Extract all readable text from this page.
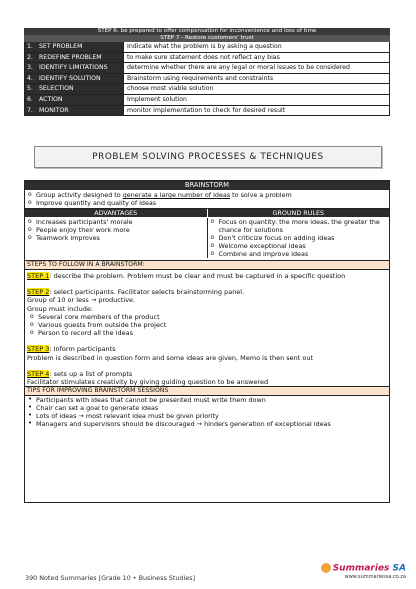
STEP 6: be prepared to offer compensation for inconvenience and loss of time
STEP 7 - Restore customers' trust
1. SET PROBLEM	Indicate what the problem is by asking a question
2. REDEFINE PROBLEM	to make sure statement does not reflect any bias
3. IDENTIFY LIMITATIONS	determine whether there are any legal or moral issues to be considered
4. IDENTIFY SOLUTION	Brainstorm using requirements and constraints
5. SELECTION	choose most viable solution
6. ACTION	Implement solution
7. MONITOR	monitor implementation to check for desired result
PROBLEM SOLVING PROCESSES & TECHNIQUES
BRAINSTORM
o Group activity designed to generate a large number of ideas to solve a problem
o Improve quantity and quality of ideas
ADVANTAGES	GROUND RULES
o Increases participants' morale
o People enjoy their work more
o Teamwork improves
o Focus on quantity: the more ideas, the greater the chance for solutions
o Don't criticize focus on adding ideas
o Welcome exceptional ideas
o Combine and improve ideas
STEPS TO FOLLOW IN A BRAINSTORM:
STEP 1: describe the problem. Problem must be clear and must be captured in a specific question
STEP 2: select participants. Facilitator selects brainstorming panel.
Group of 10 or less → productive.
Group must include:
o Several core members of the product
o Various guests from outside the project
o Person to record all the ideas
STEP 3: Inform participants
Problem is described in question form and some ideas are given, Memo is then sent out
STEP 4: sets up a list of prompts
Facilitator stimulates creativity by giving guiding question to be answered
TIPS FOR IMPROVING BRAINSTORM SESSIONS
• Participants with ideas that cannot be presented must write them down
• Chair can set a goal to generate ideas
• Lots of ideas → most relevant idea must be given priority
• Managers and supervisors should be discouraged → hinders generation of exceptional ideas
390 Noted Summaries [Grade 10 • Business Studies]
Summaries SA
www.summariessa.co.za
